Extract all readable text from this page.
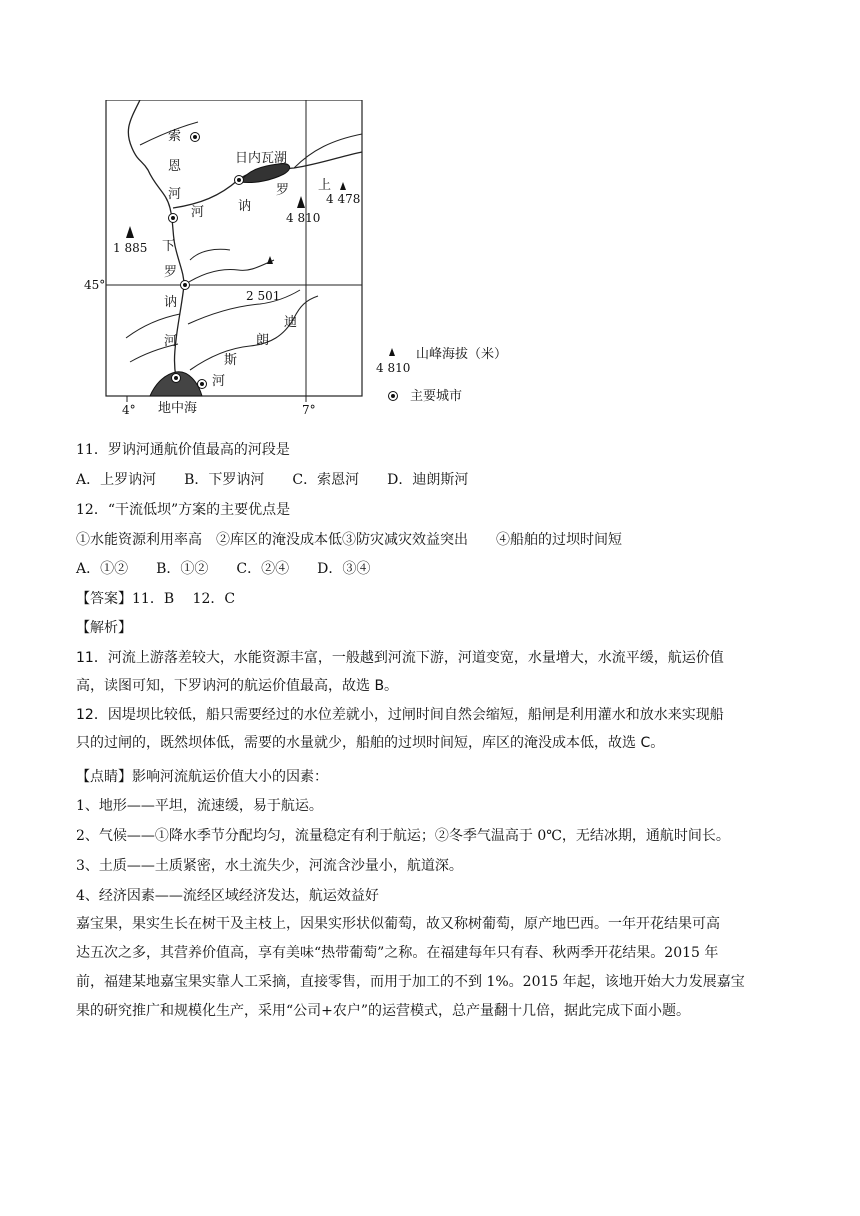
索
日内瓦湖
罗 上
恩
河
河	讷
下
罗
讷
河
迪
朗
斯
河
地中海
4 478
4 810
1 885
2 501
45°
4°	7°
4 810
山峰海拔（米）
主要城市
11．罗讷河通航价值最高的河段是
A．上罗讷河　　B．下罗讷河　　C．索恩河　　D．迪朗斯河
12．“干流低坝”方案的主要优点是
①水能资源利用率高　②库区的淹没成本低③防灾减灾效益突出　　④船舶的过坝时间短
A．①②　　B．①②　　C．②④　　D．③④
【答案】11．B　 12．C
【解析】
11．河流上游落差较大，水能资源丰富，一般越到河流下游，河道变宽，水量增大，水流平缓，航运价值
高，读图可知，下罗讷河的航运价值最高，故选 B。
12．因堤坝比较低，船只需要经过的水位差就小，过闸时间自然会缩短，船闸是利用灌水和放水来实现船
只的过闸的，既然坝体低，需要的水量就少，船舶的过坝时间短，库区的淹没成本低，故选 C。
【点睛】影响河流航运价值大小的因素：
1、地形——平坦，流速缓，易于航运。
2、气候——①降水季节分配均匀，流量稳定有利于航运；②冬季气温高于 0℃，无结冰期，通航时间长。
3、土质——土质紧密，水土流失少，河流含沙量小，航道深。
4、经济因素——流经区域经济发达，航运效益好
嘉宝果，果实生长在树干及主枝上，因果实形状似葡萄，故又称树葡萄，原产地巴西。一年开花结果可高
达五次之多，其营养价值高，享有美味“热带葡萄”之称。在福建每年只有春、秋两季开花结果。2015 年
前，福建某地嘉宝果实靠人工采摘，直接零售，而用于加工的不到 1%。2015 年起，该地开始大力发展嘉宝
果的研究推广和规模化生产，采用“公司+农户”的运营模式，总产量翻十几倍，据此完成下面小题。
